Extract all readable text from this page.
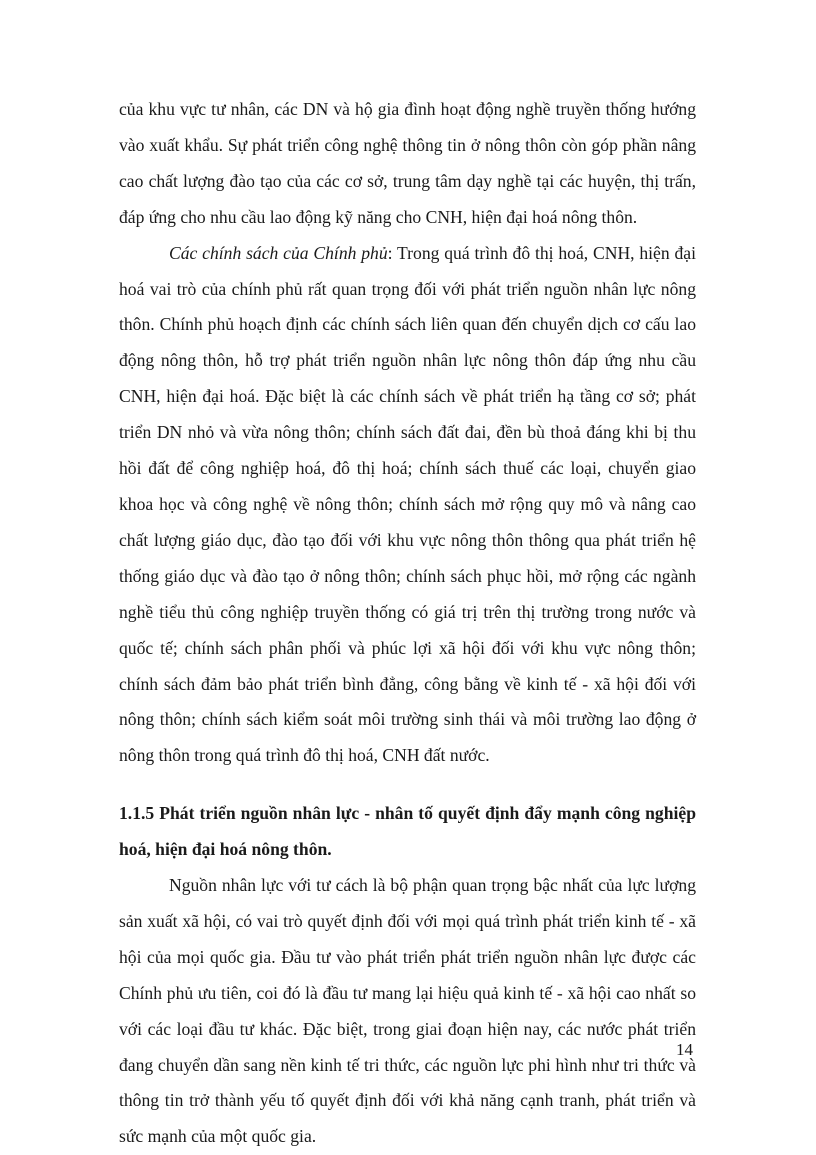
của khu vực tư nhân, các DN và hộ gia đình hoạt động nghề truyền thống hướng vào xuất khẩu. Sự phát triển công nghệ thông tin ở nông thôn còn góp phần nâng cao chất lượng đào tạo của các cơ sở, trung tâm dạy nghề tại các huyện, thị trấn, đáp ứng cho nhu cầu lao động kỹ năng cho CNH, hiện đại hoá nông thôn.

Các chính sách của Chính phủ: Trong quá trình đô thị hoá, CNH, hiện đại hoá vai trò của chính phủ rất quan trọng đối với phát triển nguồn nhân lực nông thôn. Chính phủ hoạch định các chính sách liên quan đến chuyển dịch cơ cấu lao động nông thôn, hỗ trợ phát triển nguồn nhân lực nông thôn đáp ứng nhu cầu CNH, hiện đại hoá. Đặc biệt là các chính sách về phát triển hạ tầng cơ sở; phát triển DN nhỏ và vừa nông thôn; chính sách đất đai, đền bù thoả đáng khi bị thu hồi đất để công nghiệp hoá, đô thị hoá; chính sách thuế các loại, chuyển giao khoa học và công nghệ về nông thôn; chính sách mở rộng quy mô và nâng cao chất lượng giáo dục, đào tạo đối với khu vực nông thôn thông qua phát triển hệ thống giáo dục và đào tạo ở nông thôn; chính sách phục hồi, mở rộng các ngành nghề tiểu thủ công nghiệp truyền thống có giá trị trên thị trường trong nước và quốc tế; chính sách phân phối và phúc lợi xã hội đối với khu vực nông thôn; chính sách đảm bảo phát triển bình đẳng, công bằng về kinh tế - xã hội đối với nông thôn; chính sách kiểm soát môi trường sinh thái và môi trường lao động ở nông thôn trong quá trình đô thị hoá, CNH đất nước.

1.1.5 Phát triển nguồn nhân lực - nhân tố quyết định đẩy mạnh công nghiệp hoá, hiện đại hoá nông thôn.

Nguồn nhân lực với tư cách là bộ phận quan trọng bậc nhất của lực lượng sản xuất xã hội, có vai trò quyết định đối với mọi quá trình phát triển kinh tế - xã hội của mọi quốc gia. Đầu tư vào phát triển phát triển nguồn nhân lực được các Chính phủ ưu tiên, coi đó là đầu tư mang lại hiệu quả kinh tế - xã hội cao nhất so với các loại đầu tư khác. Đặc biệt, trong giai đoạn hiện nay, các nước phát triển đang chuyển dần sang nền kinh tế tri thức, các nguồn lực phi hình như tri thức và thông tin trở thành yếu tố quyết định đối với khả năng cạnh tranh, phát triển và sức mạnh của một quốc gia.

14
